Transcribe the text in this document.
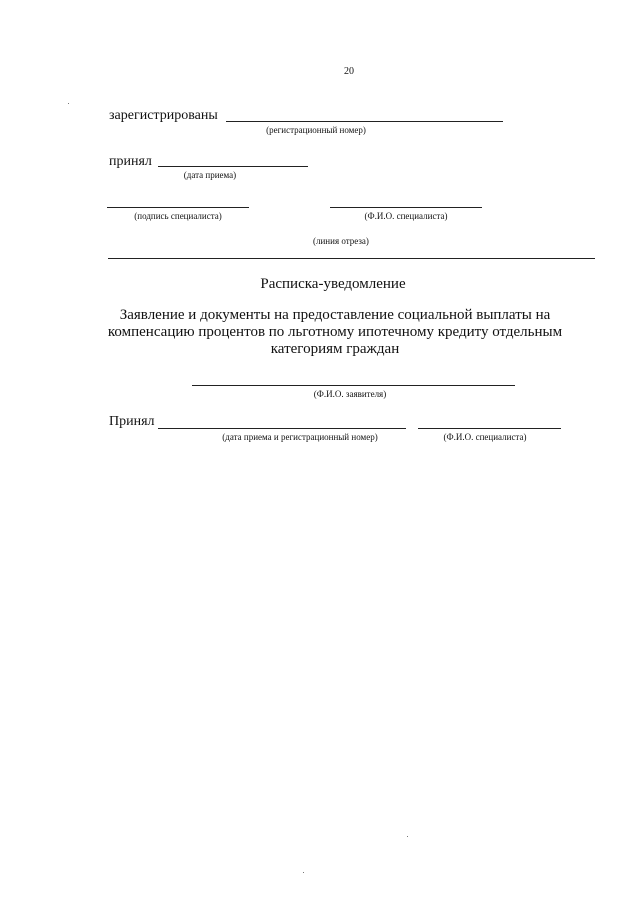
20
зарегистрированы
(регистрационный номер)
принял
(дата приема)
(подпись специалиста)	(Ф.И.О. специалиста)
(линия отреза)
Расписка-уведомление
Заявление и документы на предоставление социальной выплаты на
компенсацию процентов по льготному ипотечному кредиту отдельным
категориям граждан
(Ф.И.О. заявителя)
Принял
(дата приема и регистрационный номер)	(Ф.И.О. специалиста)
